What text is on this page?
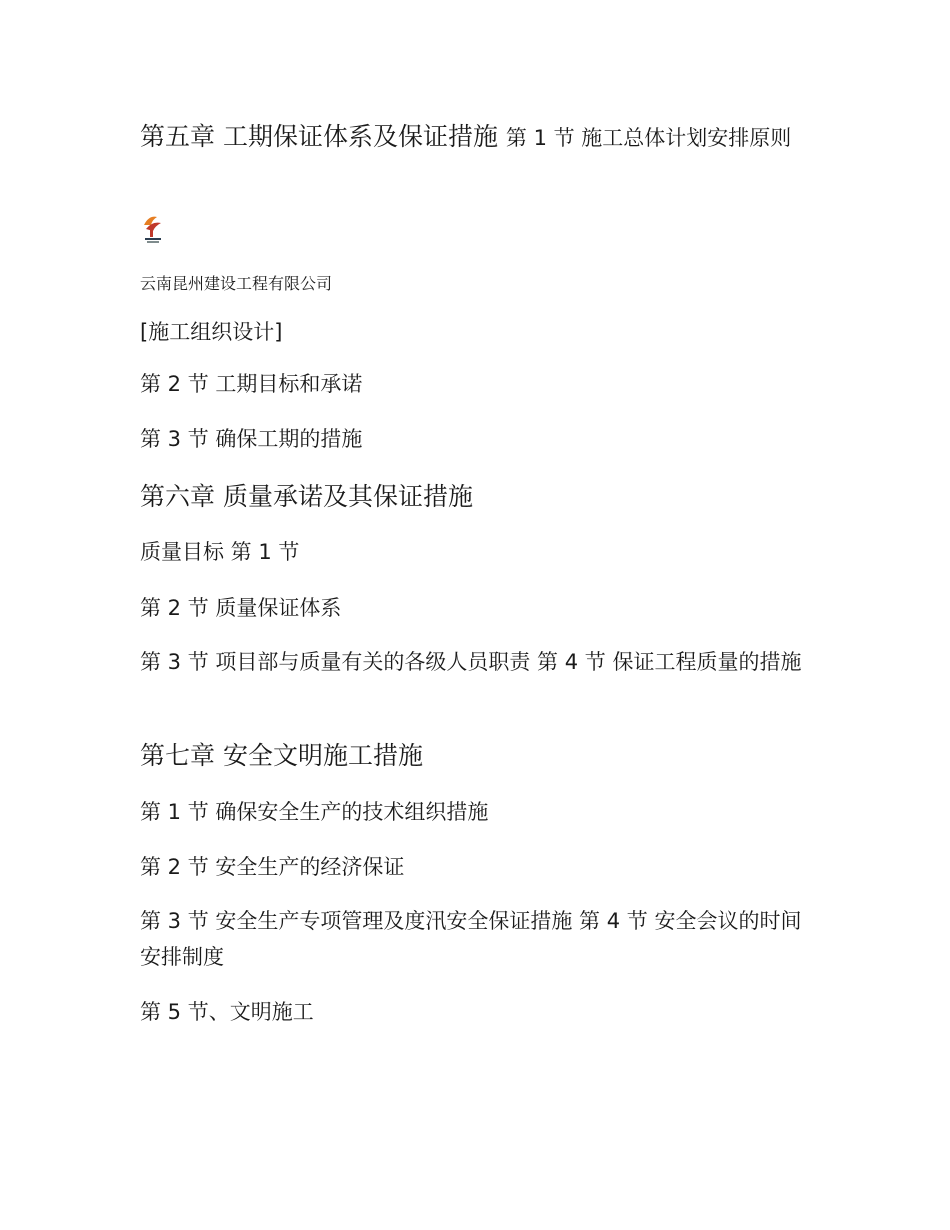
第五章 工期保证体系及保证措施 第 1 节 施工总体计划安排原则
云南昆州建设工程有限公司
[施工组织设计]
第 2 节 工期目标和承诺
第 3 节 确保工期的措施
第六章 质量承诺及其保证措施
质量目标 第 1 节
第 2 节 质量保证体系
第 3 节 项目部与质量有关的各级人员职责 第 4 节 保证工程质量的措施
第七章 安全文明施工措施
第 1 节 确保安全生产的技术组织措施
第 2 节 安全生产的经济保证
第 3 节 安全生产专项管理及度汛安全保证措施 第 4 节 安全会议的时间安排制度
第 5 节、文明施工
